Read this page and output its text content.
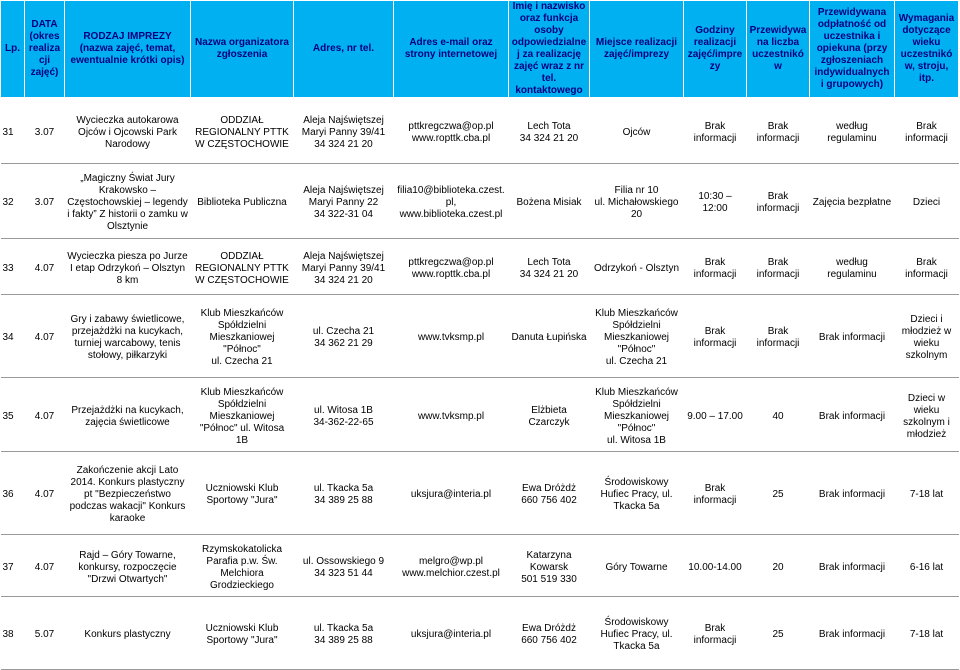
Lp.	DATA (okres realizacji zajęć)	RODZAJ IMPREZY (nazwa zajęć, temat, ewentualnie krótki opis)	Nazwa organizatora zgłoszenia	Adres, nr tel.	Adres e-mail oraz strony internetowej	Imię i nazwisko oraz funkcja osoby odpowiedzialnej za realizację zajęć wraz z nr tel. kontaktowego	Miejsce realizacji zajęć/imprezy	Godziny realizacji zajęć/imprezy	Przewidywana liczba uczestników	Przewidywana odpłatność od uczestnika i opiekuna (przy zgłoszeniach indywidualnych i grupowych)	Wymagania dotyczące wieku uczestników, stroju, itp.

31	3.07	Wycieczka autokarowa Ojców i Ojcowski Park Narodowy	ODDZIAŁ REGIONALNY PTTK W CZĘSTOCHOWIE	Aleja Najświętszej Maryi Panny 39/41
34 324 21 20	pttkregczwa@op.pl
www.ropttk.cba.pl	Lech Tota
34 324 21 20	Ojców	Brak informacji	Brak informacji	według regulaminu	Brak informacji

32	3.07	„Magiczny Świat Jury Krakowsko – Częstochowskiej – legendy i fakty” Z historii o zamku w Olsztynie	Biblioteka Publiczna	Aleja Najświętszej Maryi Panny 22
34 322-31 04	filia10@biblioteka.czest.pl,
www.biblioteka.czest.pl	Bożena Misiak	Filia nr 10
ul. Michałowskiego 20	10:30 – 12:00	Brak informacji	Zajęcia bezpłatne	Dzieci

33	4.07	Wycieczka piesza po Jurze I etap Odrzykoń – Olsztyn 8 km	ODDZIAŁ REGIONALNY PTTK W CZĘSTOCHOWIE	Aleja Najświętszej Maryi Panny 39/41
34 324 21 20	pttkregczwa@op.pl
www.ropttk.cba.pl	Lech Tota
34 324 21 20	Odrzykoń - Olsztyn	Brak informacji	Brak informacji	według regulaminu	Brak informacji

34	4.07	Gry i zabawy świetlicowe, przejażdżki na kucykach, turniej warcabowy, tenis stołowy, piłkarzyki	Klub Mieszkańców Spółdzielni Mieszkaniowej "Północ"
ul. Czecha 21	ul. Czecha 21
34 362 21 29	www.tvksmp.pl	Danuta Łupińska	Klub Mieszkańców Spółdzielni Mieszkaniowej "Północ"
ul. Czecha 21	Brak informacji	Brak informacji	Brak informacji	Dzieci i młodzież w wieku szkolnym

35	4.07	Przejażdżki na kucykach, zajęcia świetlicowe	Klub Mieszkańców Spółdzielni Mieszkaniowej "Północ" ul. Witosa 1B	ul. Witosa 1B
34-362-22-65	www.tvksmp.pl	Elżbieta Czarczyk	Klub Mieszkańców Spółdzielni Mieszkaniowej "Północ"
ul. Witosa 1B	9.00 – 17.00	40	Brak informacji	Dzieci w wieku szkolnym i młodzież

36	4.07	Zakończenie akcji Lato 2014. Konkurs plastyczny pt "Bezpieczeństwo podczas wakacji" Konkurs karaoke	Uczniowski Klub Sportowy "Jura"	ul. Tkacka 5a
34 389 25 88	uksjura@interia.pl	Ewa Dróżdż
660 756 402	Środowiskowy Hufiec Pracy, ul. Tkacka 5a	Brak informacji	25	Brak informacji	7-18 lat

37	4.07	Rajd – Góry Towarne, konkursy, rozpoczęcie "Drzwi Otwartych"	Rzymskokatolicka Parafia p.w. Św. Melchiora Grodzieckiego	ul. Ossowskiego 9
34 323 51 44	melgro@wp.pl
www.melchior.czest.pl	Katarzyna Kowarsk
501 519 330	Góry Towarne	10.00-14.00	20	Brak informacji	6-16 lat

38	5.07	Konkurs plastyczny	Uczniowski Klub Sportowy "Jura"	ul. Tkacka 5a
34 389 25 88	uksjura@interia.pl	Ewa Dróżdż
660 756 402	Środowiskowy Hufiec Pracy, ul. Tkacka 5a	Brak informacji	25	Brak informacji	7-18 lat
